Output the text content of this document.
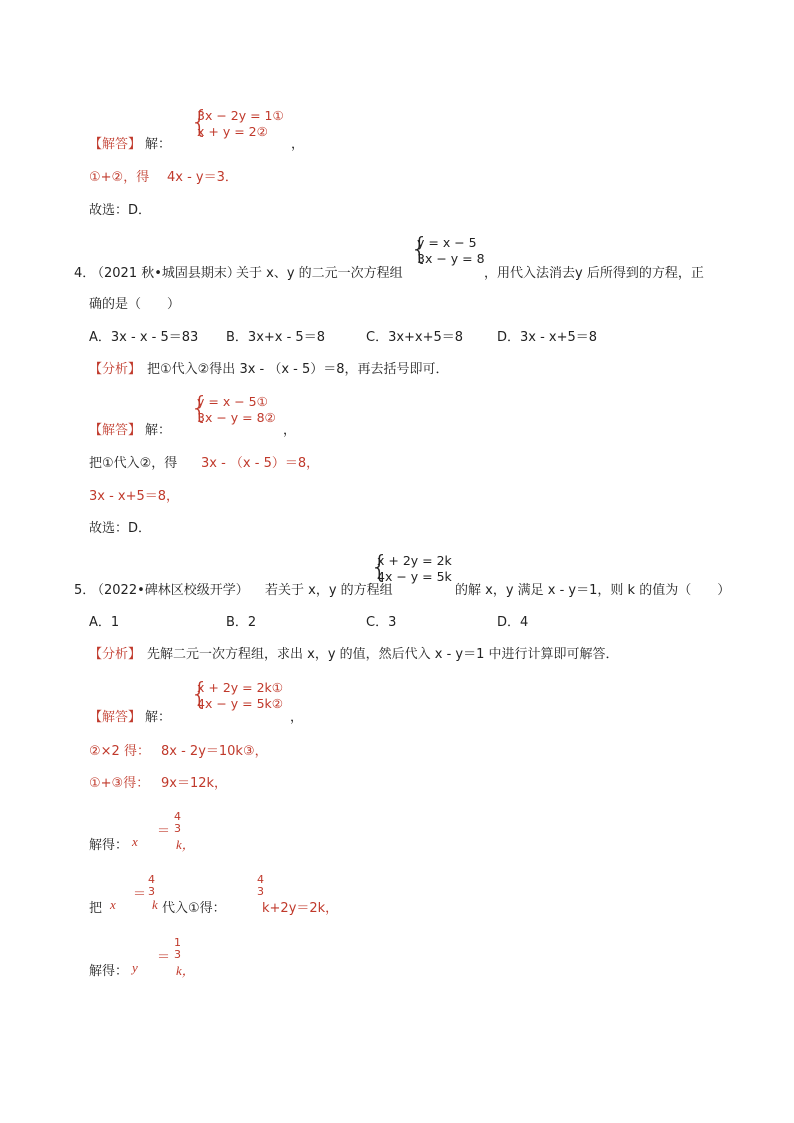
【解答】 解：
{
3x − 2y = 1①
x + y = 2②
，
①+②，得 4x - y＝3．
故选：D．
4．
（2021 秋•城固县期末）
关于 x、y 的二元一次方程组
{
y = x − 5
3x − y = 8
，用代入法消去y 后所得到的方程，正
确的是（　　）
A．3x - x - 5＝83 B．3x+x - 5＝8	C．3x+x+5＝8	D．3x - x+5＝8
【分析】 把①代入②得出 3x - （x - 5）＝8，再去括号即可．
【解答】 解：
{
y = x − 5①
3x − y = 8②
，
把①代入②，得 3x - （x - 5）＝8，
3x - x+5＝8，
故选：D．
5．
（2022•碑林区校级开学） 若关于 x，y 的方程组
{
x + 2y = 2k
4x − y = 5k
的解 x，y 满足 x - y＝1，则 k 的值为（　　）
A．1	B．2	C．3	D．4
【分析】 先解二元一次方程组，求出 x，y 的值，然后代入 x - y＝1 中进行计算即可解答．
【解答】 解：
{
x + 2y = 2k①
4x − y = 5k②
，
②×2 得： 8x - 2y＝10k③，
①+③得： 9x＝12k，
解得： x
＝
4
3
k，
把 x
＝
4
3
k 代入①得：
4
3
k+2y＝2k，
解得： y
＝
1
3
k，
